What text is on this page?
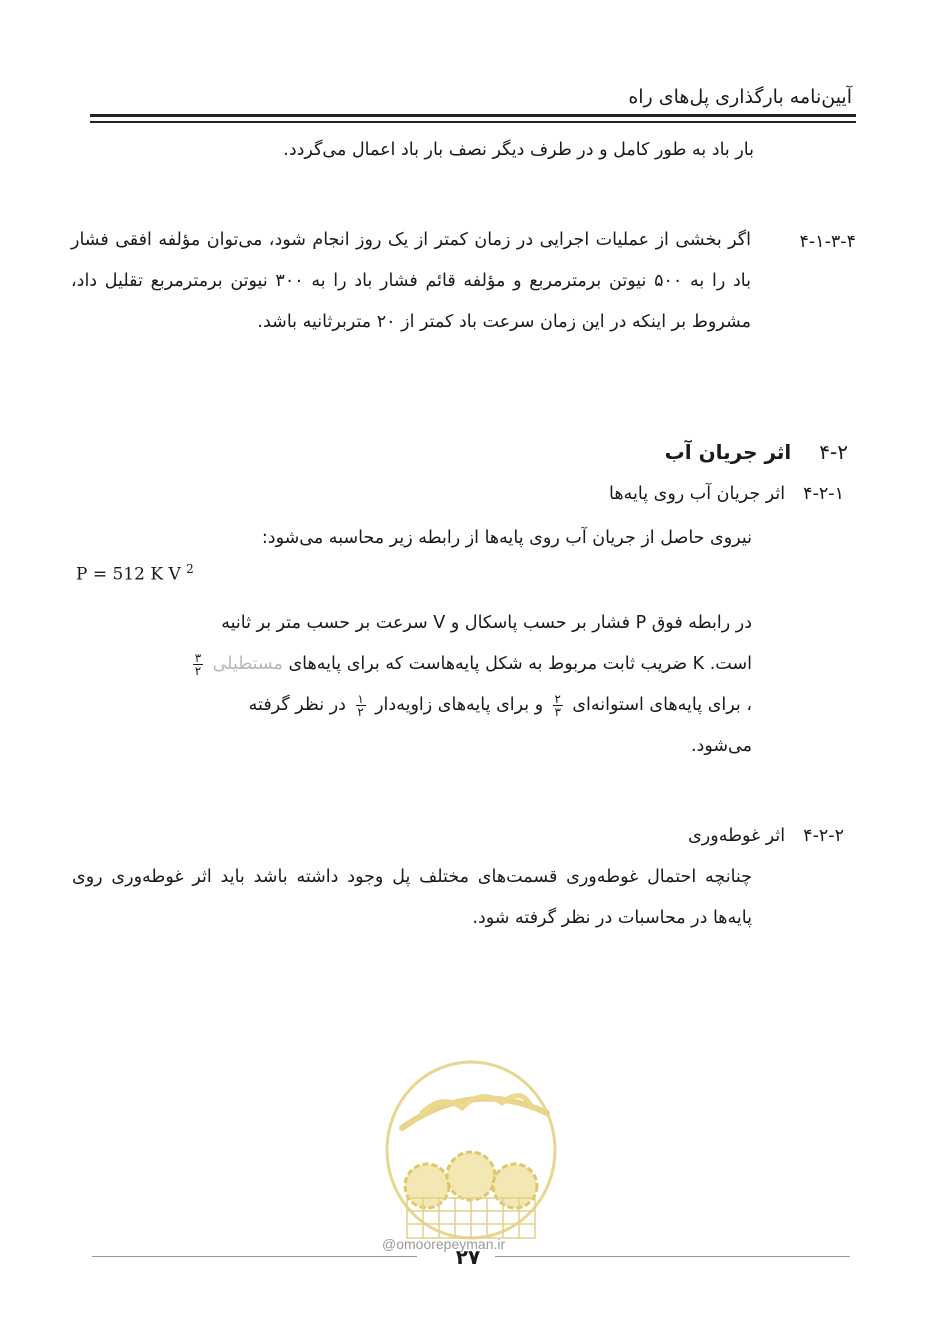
آیین‌نامه بارگذاری پل‌های راه

بار باد به طور کامل و در طرف دیگر نصف بار باد اعمال می‌گردد.

۴-۱-۳-۴

اگر بخشی از عملیات اجرایی در زمان کمتر از یک روز انجام شود، می‌توان مؤلفه افقی فشار باد را به ۵۰۰ نیوتن برمترمربع و مؤلفه قائم فشار باد را به ۳۰۰ نیوتن برمترمربع تقلیل داد، مشروط بر اینکه در این زمان سرعت باد کمتر از ۲۰ متربرثانیه باشد.

۴-۲اثر جریان آب
۴-۲-۱اثر جریان آب روی پایه‌ها

نیروی حاصل از جریان آب روی پایه‌ها از رابطه زیر محاسبه می‌شود:

P = 512 K V $^2$

در رابطه فوق P فشار بر حسب پاسکال و V سرعت بر حسب متر بر ثانیه
است. K ضریب ثابت مربوط به شکل پایه‌هاست که برای پایه‌های مستطیلی
$\frac{۳}{۲}$

، برای پایه‌های استوانه‌ای
$\frac{۲}{۳}$
و برای پایه‌های زاویه‌دار
$\frac{۱}{۲}$
در نظر گرفته
می‌شود.

۴-۲-۲اثر غوطه‌وری

چنانچه احتمال غوطه‌وری قسمت‌های مختلف پل وجود داشته باشد باید اثر غوطه‌وری روی پایه‌ها در محاسبات در نظر گرفته شود.

@omoorepeyman.ir
۲۷
